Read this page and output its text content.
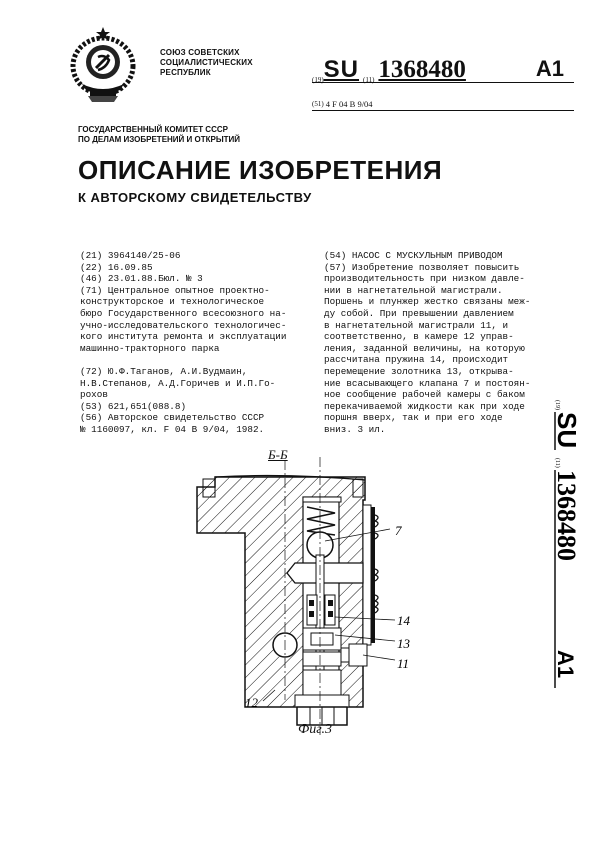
СОЮЗ СОВЕТСКИХ
СОЦИАЛИСТИЧЕСКИХ
РЕСПУБЛИК
(19)SU (11) 1368480	A1
(51) 4 F 04 B 9/04
ГОСУДАРСТВЕННЫЙ КОМИТЕТ СССР
ПО ДЕЛАМ ИЗОБРЕТЕНИЙ И ОТКРЫТИЙ
ОПИСАНИЕ ИЗОБРЕТЕНИЯ
К АВТОРСКОМУ СВИДЕТЕЛЬСТВУ
(21) 3964140/25-06
(22) 16.09.85
(46) 23.01.88.Бюл. № 3
(71) Центральное опытное проектно-
конструкторское и технологическое
бюро Государственного всесоюзного на-
учно-исследовательского технологичес-
кого института ремонта и эксплуатации
машинно-тракторного парка
(72) Ю.Ф.Таганов, А.И.Вудмаин,
Н.В.Степанов, А.Д.Горичев и И.П.Го-
рохов
(53) 621,651(088.8)
(56) Авторское свидетельство СССР
№ 1160097, кл. F 04 B 9/04, 1982.
(54) НАСОС С МУСКУЛЬНЫМ ПРИВОДОМ
(57) Изобретение позволяет повысить
производительность при низком давле-
нии в нагнетательной магистрали.
Поршень и плунжер жестко связаны меж-
ду собой. При превышении давлением
в нагнетательной магистрали 11, и
соответственно, в камере 12 управ-
ления, заданной величины, на которую
рассчитана пружина 14, происходит
перемещение золотника 13, открыва-
ние всасывающего клапана 7 и постоян-
ное сообщение рабочей камеры с баком
перекачиваемой жидкости как при ходе
поршня вверх, так и при его ходе
вниз. 3 ил.
(19)
SU
(11)
1368480
A1
Б-Б
7
14
13
11
12
Фиг.3
